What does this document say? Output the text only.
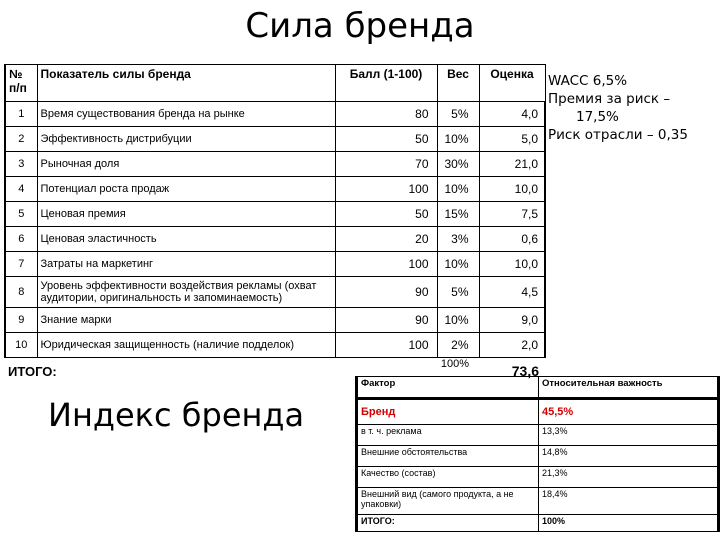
Сила бренда
WACC 6,5%
Премия за риск –
17,5%
Риск отрасли – 0,35
№ п/п	Показатель силы бренда	Балл (1-100)	Вес	Оценка
1	Время существования бренда на рынке	80	5%	4,0
2	Эффективность дистрибуции	50	10%	5,0
3	Рыночная доля	70	30%	21,0
4	Потенциал роста продаж	100	10%	10,0
5	Ценовая премия	50	15%	7,5
6	Ценовая эластичность	20	3%	0,6
7	Затраты на маркетинг	100	10%	10,0
8	Уровень эффективности воздействия рекламы (охват аудитории, оригинальность и запоминаемость)	90	5%	4,5
9	Знание марки	90	10%	9,0
10	Юридическая защищенность (наличие подделок)	100	2%	2,0
ИТОГО:			100%	73,6
Индекс бренда
Фактор	Относительная важность
Бренд	45,5%
в т. ч. реклама	13,3%
Внешние обстоятельства	14,8%
Качество (состав)	21,3%
Внешний вид (самого продукта, а не упаковки)	18,4%
ИТОГО:	100%
